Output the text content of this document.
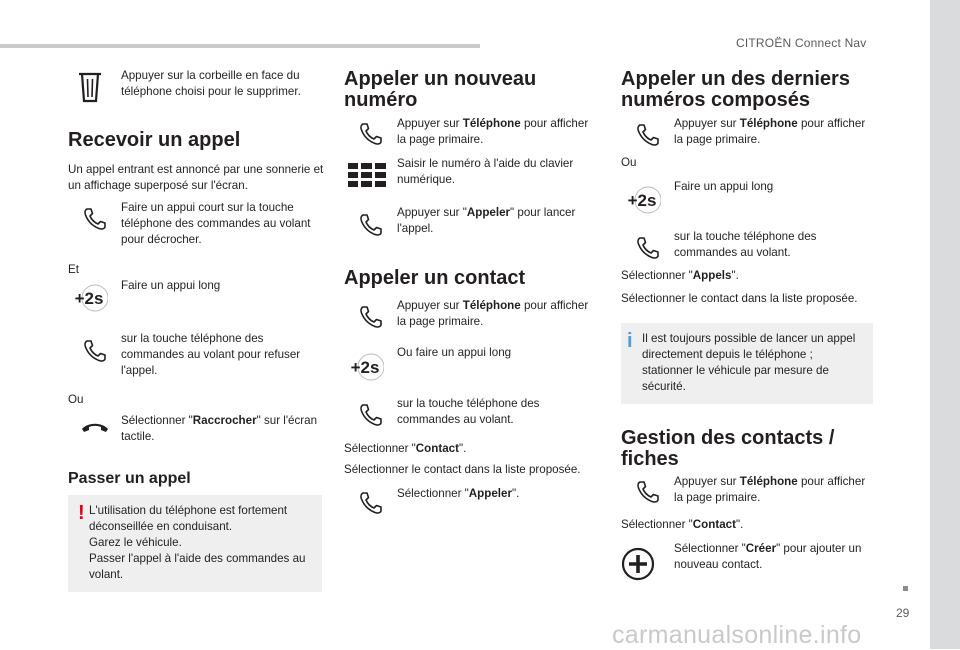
CITROËN Connect Nav
29
carmanualsonline.info
Appuyer sur la corbeille en face du téléphone choisi pour le supprimer.
Recevoir un appel
Un appel entrant est annoncé par une sonnerie et un affichage superposé sur l'écran.
Faire un appui court sur la touche téléphone des commandes au volant pour décrocher.
Et
Faire un appui long
sur la touche téléphone des commandes au volant pour refuser l'appel.
Ou
Sélectionner "Raccrocher" sur l'écran tactile.
Passer un appel
! L'utilisation du téléphone est fortement déconseillée en conduisant.
Garez le véhicule.
Passer l'appel à l'aide des commandes au volant.
Appeler un nouveau numéro
Appuyer sur Téléphone pour afficher la page primaire.
Saisir le numéro à l'aide du clavier numérique.
Appuyer sur "Appeler" pour lancer l'appel.
Appeler un contact
Appuyer sur Téléphone pour afficher la page primaire.
Ou faire un appui long
sur la touche téléphone des commandes au volant.
Sélectionner "Contact".
Sélectionner le contact dans la liste proposée.
Sélectionner "Appeler".
Appeler un des derniers numéros composés
Appuyer sur Téléphone pour afficher la page primaire.
Ou
Faire un appui long
sur la touche téléphone des commandes au volant.
Sélectionner "Appels".
Sélectionner le contact dans la liste proposée.
i Il est toujours possible de lancer un appel directement depuis le téléphone ; stationner le véhicule par mesure de sécurité.
Gestion des contacts / fiches
Appuyer sur Téléphone pour afficher la page primaire.
Sélectionner "Contact".
Sélectionner "Créer" pour ajouter un nouveau contact.
